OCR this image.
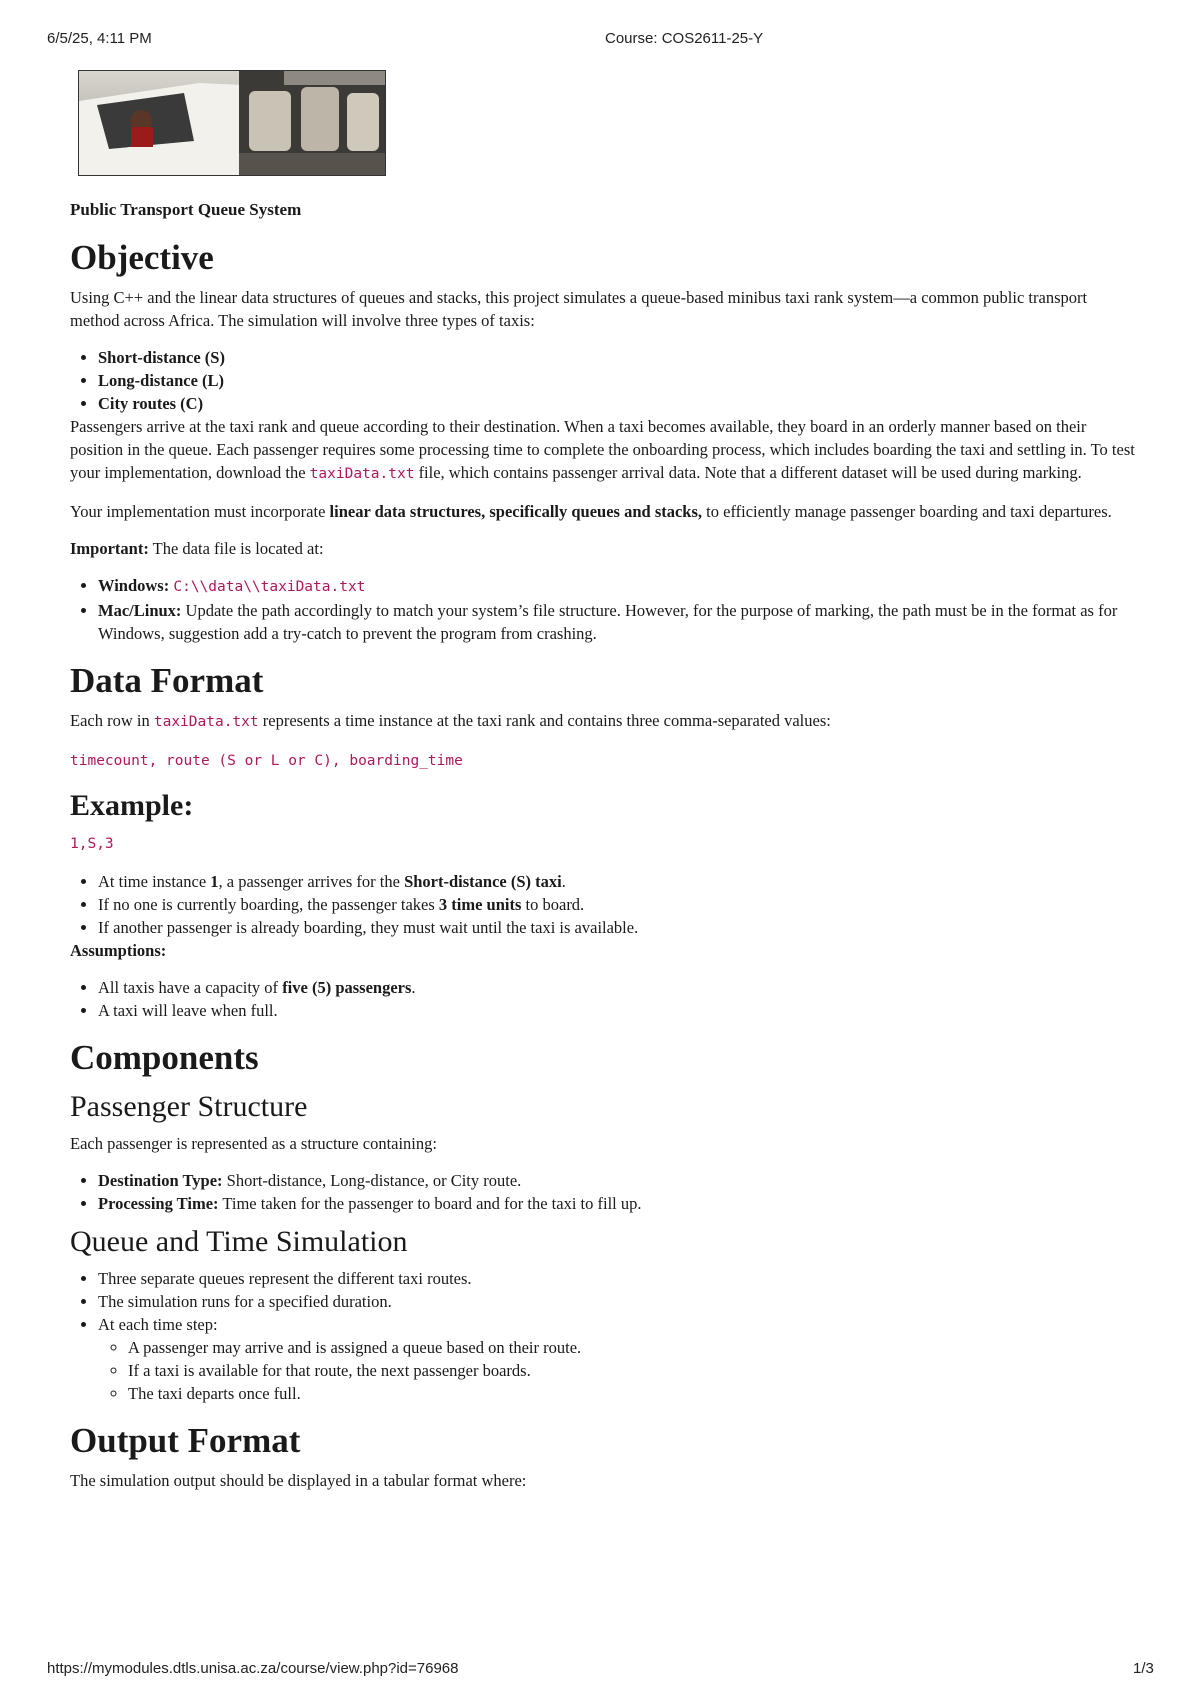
6/5/25, 4:11 PM	Course: COS2611-25-Y
Public Transport Queue System
Objective

Using C++ and the linear data structures of queues and stacks, this project simulates a queue-based minibus taxi rank system—a common public transport method across Africa. The simulation will involve three types of taxis:

• Short-distance (S)
• Long-distance (L)
• City routes (C)

Passengers arrive at the taxi rank and queue according to their destination. When a taxi becomes available, they board in an orderly manner based on their position in the queue. Each passenger requires some processing time to complete the onboarding process, which includes boarding the taxi and settling in. To test your implementation, download the taxiData.txt file, which contains passenger arrival data. Note that a different dataset will be used during marking.

Your implementation must incorporate linear data structures, specifically queues and stacks, to efficiently manage passenger boarding and taxi departures.

Important: The data file is located at:

• Windows: C:\\data\\taxiData.txt
• Mac/Linux: Update the path accordingly to match your system’s file structure. However, for the purpose of marking, the path must be in the format as for Windows, suggestion add a try-catch to prevent the program from crashing.
Data Format

Each row in taxiData.txt represents a time instance at the taxi rank and contains three comma-separated values:

timecount, route (S or L or C), boarding_time

Example:

1,S,3

• At time instance 1, a passenger arrives for the Short-distance (S) taxi.
• If no one is currently boarding, the passenger takes 3 time units to board.
• If another passenger is already boarding, they must wait until the taxi is available.

Assumptions:

• All taxis have a capacity of five (5) passengers.
• A taxi will leave when full.
Components
Passenger Structure

Each passenger is represented as a structure containing:

• Destination Type: Short-distance, Long-distance, or City route.
• Processing Time: Time taken for the passenger to board and for the taxi to fill up.
Queue and Time Simulation
• Three separate queues represent the different taxi routes.
• The simulation runs for a specified duration.
• At each time step:
◦ A passenger may arrive and is assigned a queue based on their route.
◦ If a taxi is available for that route, the next passenger boards.
◦ The taxi departs once full.
Output Format

The simulation output should be displayed in a tabular format where:

https://mymodules.dtls.unisa.ac.za/course/view.php?id=76968	1/3
